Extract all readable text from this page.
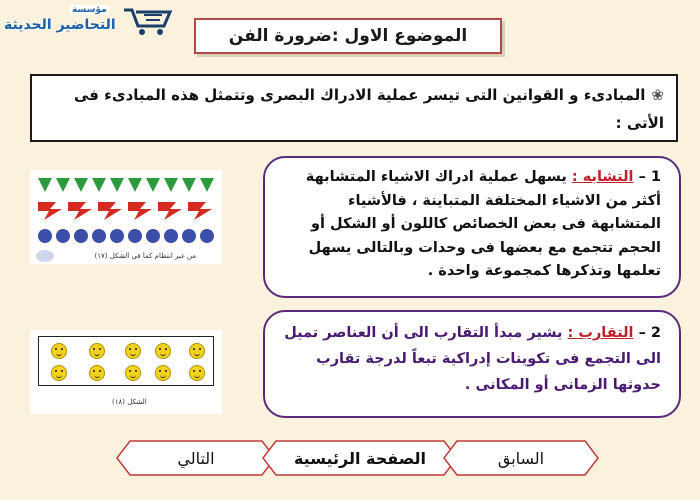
مؤسسة
التحاضير الحديثة
الموضوع الاول :ضرورة الفن
❀المبادىء و القوانين التى تيسر عملية الادراك البصرى وتتمثل هذه المبادىء فى الأتى :
من غير انتظام كما في الشكل (١٧)
1 – التشابه : يسهل عملية ادراك الاشياء المتشابهة أكثر من الاشياء المختلفة المتباينة ، فالأشياء المتشابهة فى بعض الخصائص كاللون أو الشكل أو الحجم تتجمع مع بعضها فى وحدات وبالتالى يسهل تعلمها وتذكرها كمجموعة واحدة .
الشكل (١٨)
2 – التقارب : يشير مبدأ التقارب الى أن العناصر تميل الى التجمع فى تكوينات إدراكية تبعاً لدرجة تقارب حدوثها الزمانى أو المكانى .
التالي	الصفحة الرئيسية	السابق
